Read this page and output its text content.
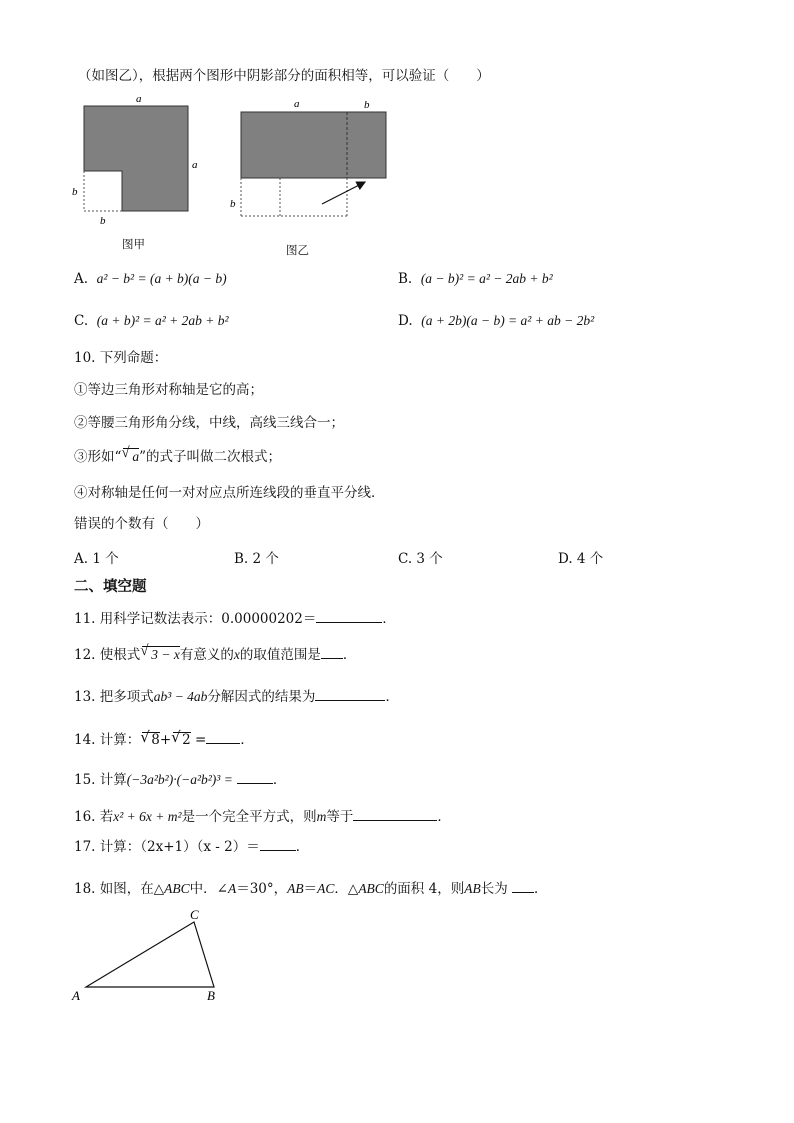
（如图乙），根据两个图形中阴影部分的面积相等，可以验证（　　）
a
a
b
b
图甲
a	b
b
图乙
A. a² − b² = (a + b)(a − b)	B. (a − b)² = a² − 2ab + b²
C. (a + b)² = a² + 2ab + b²	D. (a + 2b)(a − b) = a² + ab − 2b²
10. 下列命题：
①等边三角形对称轴是它的高；
②等腰三角形角分线，中线，高线三线合一；
③形如“ √ a”的式子叫做二次根式；
④对称轴是任何一对对应点所连线段的垂直平分线．
错误的个数有（　　）
A. 1 个	B. 2 个	C. 3 个	D. 4 个
二、填空题
11. 用科学记数法表示：0.00000202＝	．
12. 使根式 √ 3 − x有意义的x的取值范围是 ．
13. 把多项式ab³ − 4ab分解因式的结果为	．
14. 计算： √ 8+ √ 2 =	．
15. 计算(−3a²b²)·(−a²b²)³ =	．
16. 若x² + 6x + m²是一个完全平方式，则m等于	．
17. 计算：（2x+1）（x - 2）＝	．
18. 如图，在△ABC中．∠A＝30°，AB＝AC．△ABC的面积 4，则AB长为 ．
A	B
C
